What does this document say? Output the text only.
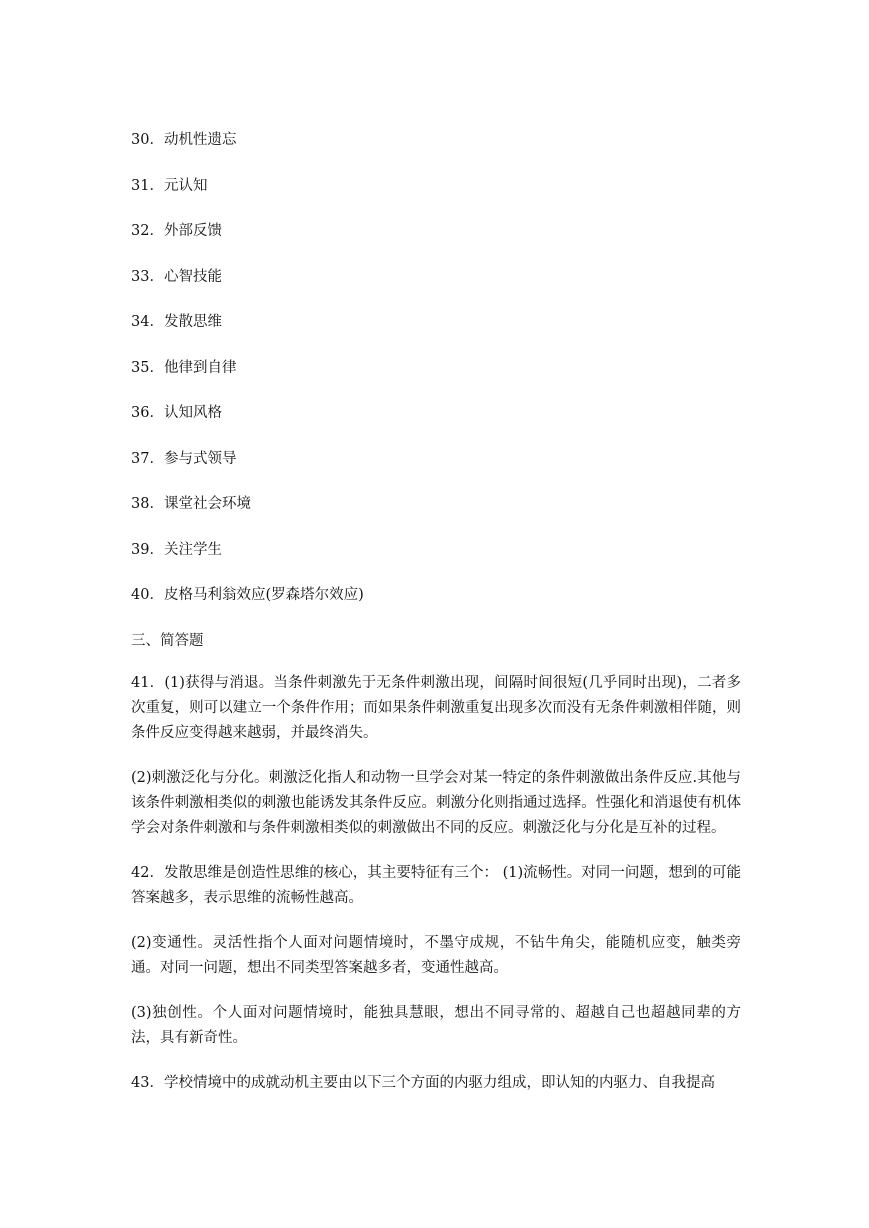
30．动机性遗忘

31．元认知

32．外部反馈

33．心智技能

34．发散思维

35．他律到自律

36．认知风格

37．参与式领导

38．课堂社会环境

39．关注学生

40．皮格马利翁效应(罗森塔尔效应)

三、简答题

41．(1)获得与消退。当条件刺激先于无条件刺激出现，间隔时间很短(几乎同时出现)，二者多次重复，则可以建立一个条件作用；而如果条件刺激重复出现多次而没有无条件刺激相伴随，则条件反应变得越来越弱，并最终消失。

(2)刺激泛化与分化。刺激泛化指人和动物一旦学会对某一特定的条件刺激做出条件反应.其他与该条件刺激相类似的刺激也能诱发其条件反应。刺激分化则指通过选择。性强化和消退使有机体学会对条件刺激和与条件刺激相类似的刺激做出不同的反应。刺激泛化与分化是互补的过程。

42．发散思维是创造性思维的核心，其主要特征有三个： (1)流畅性。对同一问题，想到的可能答案越多，表示思维的流畅性越高。

(2)变通性。灵活性指个人面对问题情境时，不墨守成规，不钻牛角尖，能随机应变，触类旁通。对同一问题，想出不同类型答案越多者，变通性越高。

(3)独创性。个人面对问题情境时，能独具慧眼，想出不同寻常的、超越自己也超越同辈的方法，具有新奇性。

43．学校情境中的成就动机主要由以下三个方面的内驱力组成，即认知的内驱力、自我提高
